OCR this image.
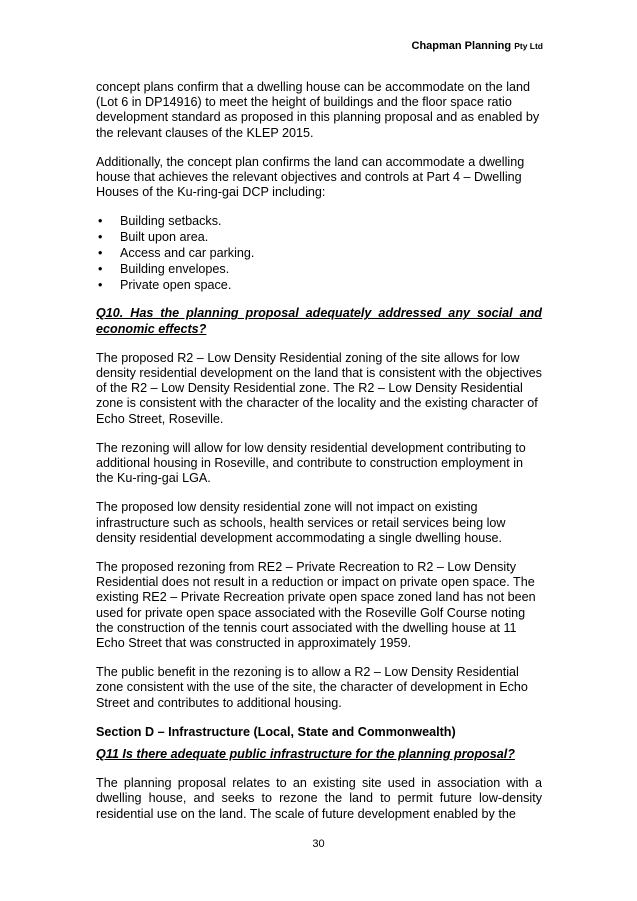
Chapman Planning Pty Ltd

concept plans confirm that a dwelling house can be accommodate on the land (Lot 6 in DP14916) to meet the height of buildings and the floor space ratio development standard as proposed in this planning proposal and as enabled by the relevant clauses of the KLEP 2015.

Additionally, the concept plan confirms the land can accommodate a dwelling house that achieves the relevant objectives and controls at Part 4 – Dwelling Houses of the Ku-ring-gai DCP including:

• Building setbacks.
• Built upon area.
• Access and car parking.
• Building envelopes.
• Private open space.
Q10. Has the planning proposal adequately addressed any social and economic effects?

The proposed R2 – Low Density Residential zoning of the site allows for low density residential development on the land that is consistent with the objectives of the R2 – Low Density Residential zone. The R2 – Low Density Residential zone is consistent with the character of the locality and the existing character of Echo Street, Roseville.

The rezoning will allow for low density residential development contributing to additional housing in Roseville, and contribute to construction employment in the Ku-ring-gai LGA.

The proposed low density residential zone will not impact on existing infrastructure such as schools, health services or retail services being low density residential development accommodating a single dwelling house.

The proposed rezoning from RE2 – Private Recreation to R2 – Low Density Residential does not result in a reduction or impact on private open space. The existing RE2 – Private Recreation private open space zoned land has not been used for private open space associated with the Roseville Golf Course noting the construction of the tennis court associated with the dwelling house at 11 Echo Street that was constructed in approximately 1959.

The public benefit in the rezoning is to allow a R2 – Low Density Residential zone consistent with the use of the site, the character of development in Echo Street and contributes to additional housing.

Section D – Infrastructure (Local, State and Commonwealth)
Q11 Is there adequate public infrastructure for the planning proposal?

The planning proposal relates to an existing site used in association with a dwelling house, and seeks to rezone the land to permit future low-density residential use on the land. The scale of future development enabled by the

30
